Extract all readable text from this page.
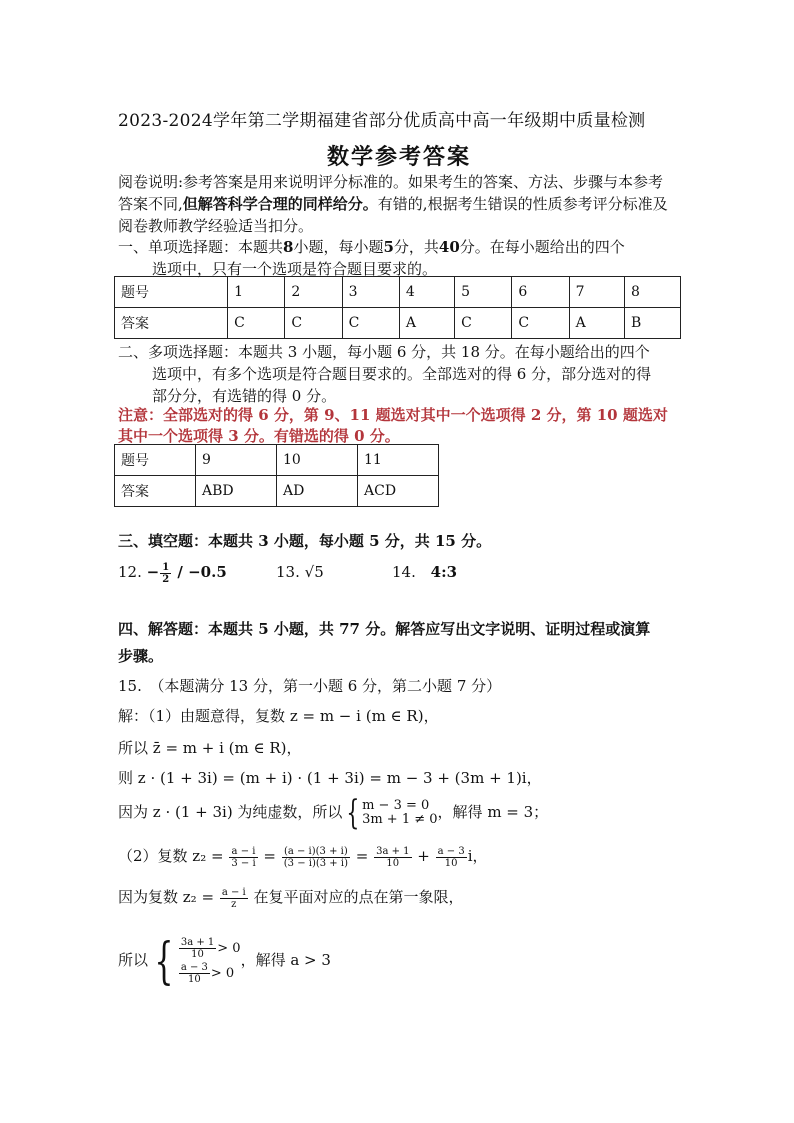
2023-2024学年第二学期福建省部分优质高中高一年级期中质量检测
数学参考答案
阅卷说明:参考答案是用来说明评分标准的。如果考生的答案、方法、步骤与本参考答案不同,但解答科学合理的同样给分。有错的,根据考生错误的性质参考评分标准及阅卷教师教学经验适当扣分。
一、单项选择题：本题共8小题，每小题5分，共40分。在每小题给出的四个
选项中，只有一个选项是符合题目要求的。
题号	1	2	3	4	5	6	7	8
答案	C	C	C	A	C	C	A	B
二、多项选择题：本题共 3 小题，每小题 6 分，共 18 分。在每小题给出的四个
选项中，有多个选项是符合题目要求的。全部选对的得 6 分，部分选对的得
部分分，有选错的得 0 分。
注意：全部选对的得 6 分，第 9、11 题选对其中一个选项得 2 分，第 10 题选对
其中一个选项得 3 分。有错选的得 0 分。
题号	9	10	11
答案	ABD	AD	ACD
三、填空题：本题共 3 小题，每小题 5 分，共 15 分。
12. − $\frac{1}{2} / -0.5$	13. √5	14. 4:3
四、解答题：本题共 5 小题，共 77 分。解答应写出文字说明、证明过程或演算
步骤。
15.　（本题满分 13 分，第一小题 6 分，第二小题 7 分）
解：（1）由题意得，复数 z = m − i (m ∈ R)，
所以 z̄ = m + i (m ∈ R)，
则 z · (1 + 3i) = (m + i) · (1 + 3i) = m − 3 + (3m + 1)i，
因为 z · (1 + 3i) 为纯虚数，所以 { m − 3 = 0
3m + 1 ≠ 0 ，解得 m = 3；
（2）复数 $z_2 = \frac{a - i}{3 - i} = \frac{(a - i)(3 + i)}{(3 - i)(3 + i)} = \frac{3a + 1}{10} + \frac{a - 3}{10}$ i，
因为复数 $z_2 = \frac{a - i}{z}$ 在复平面对应的点在第一象限，
所以 { $\frac{3a + 1}{10} > 0$
$\frac{a - 3}{10} > 0$
，解得 a > 3
